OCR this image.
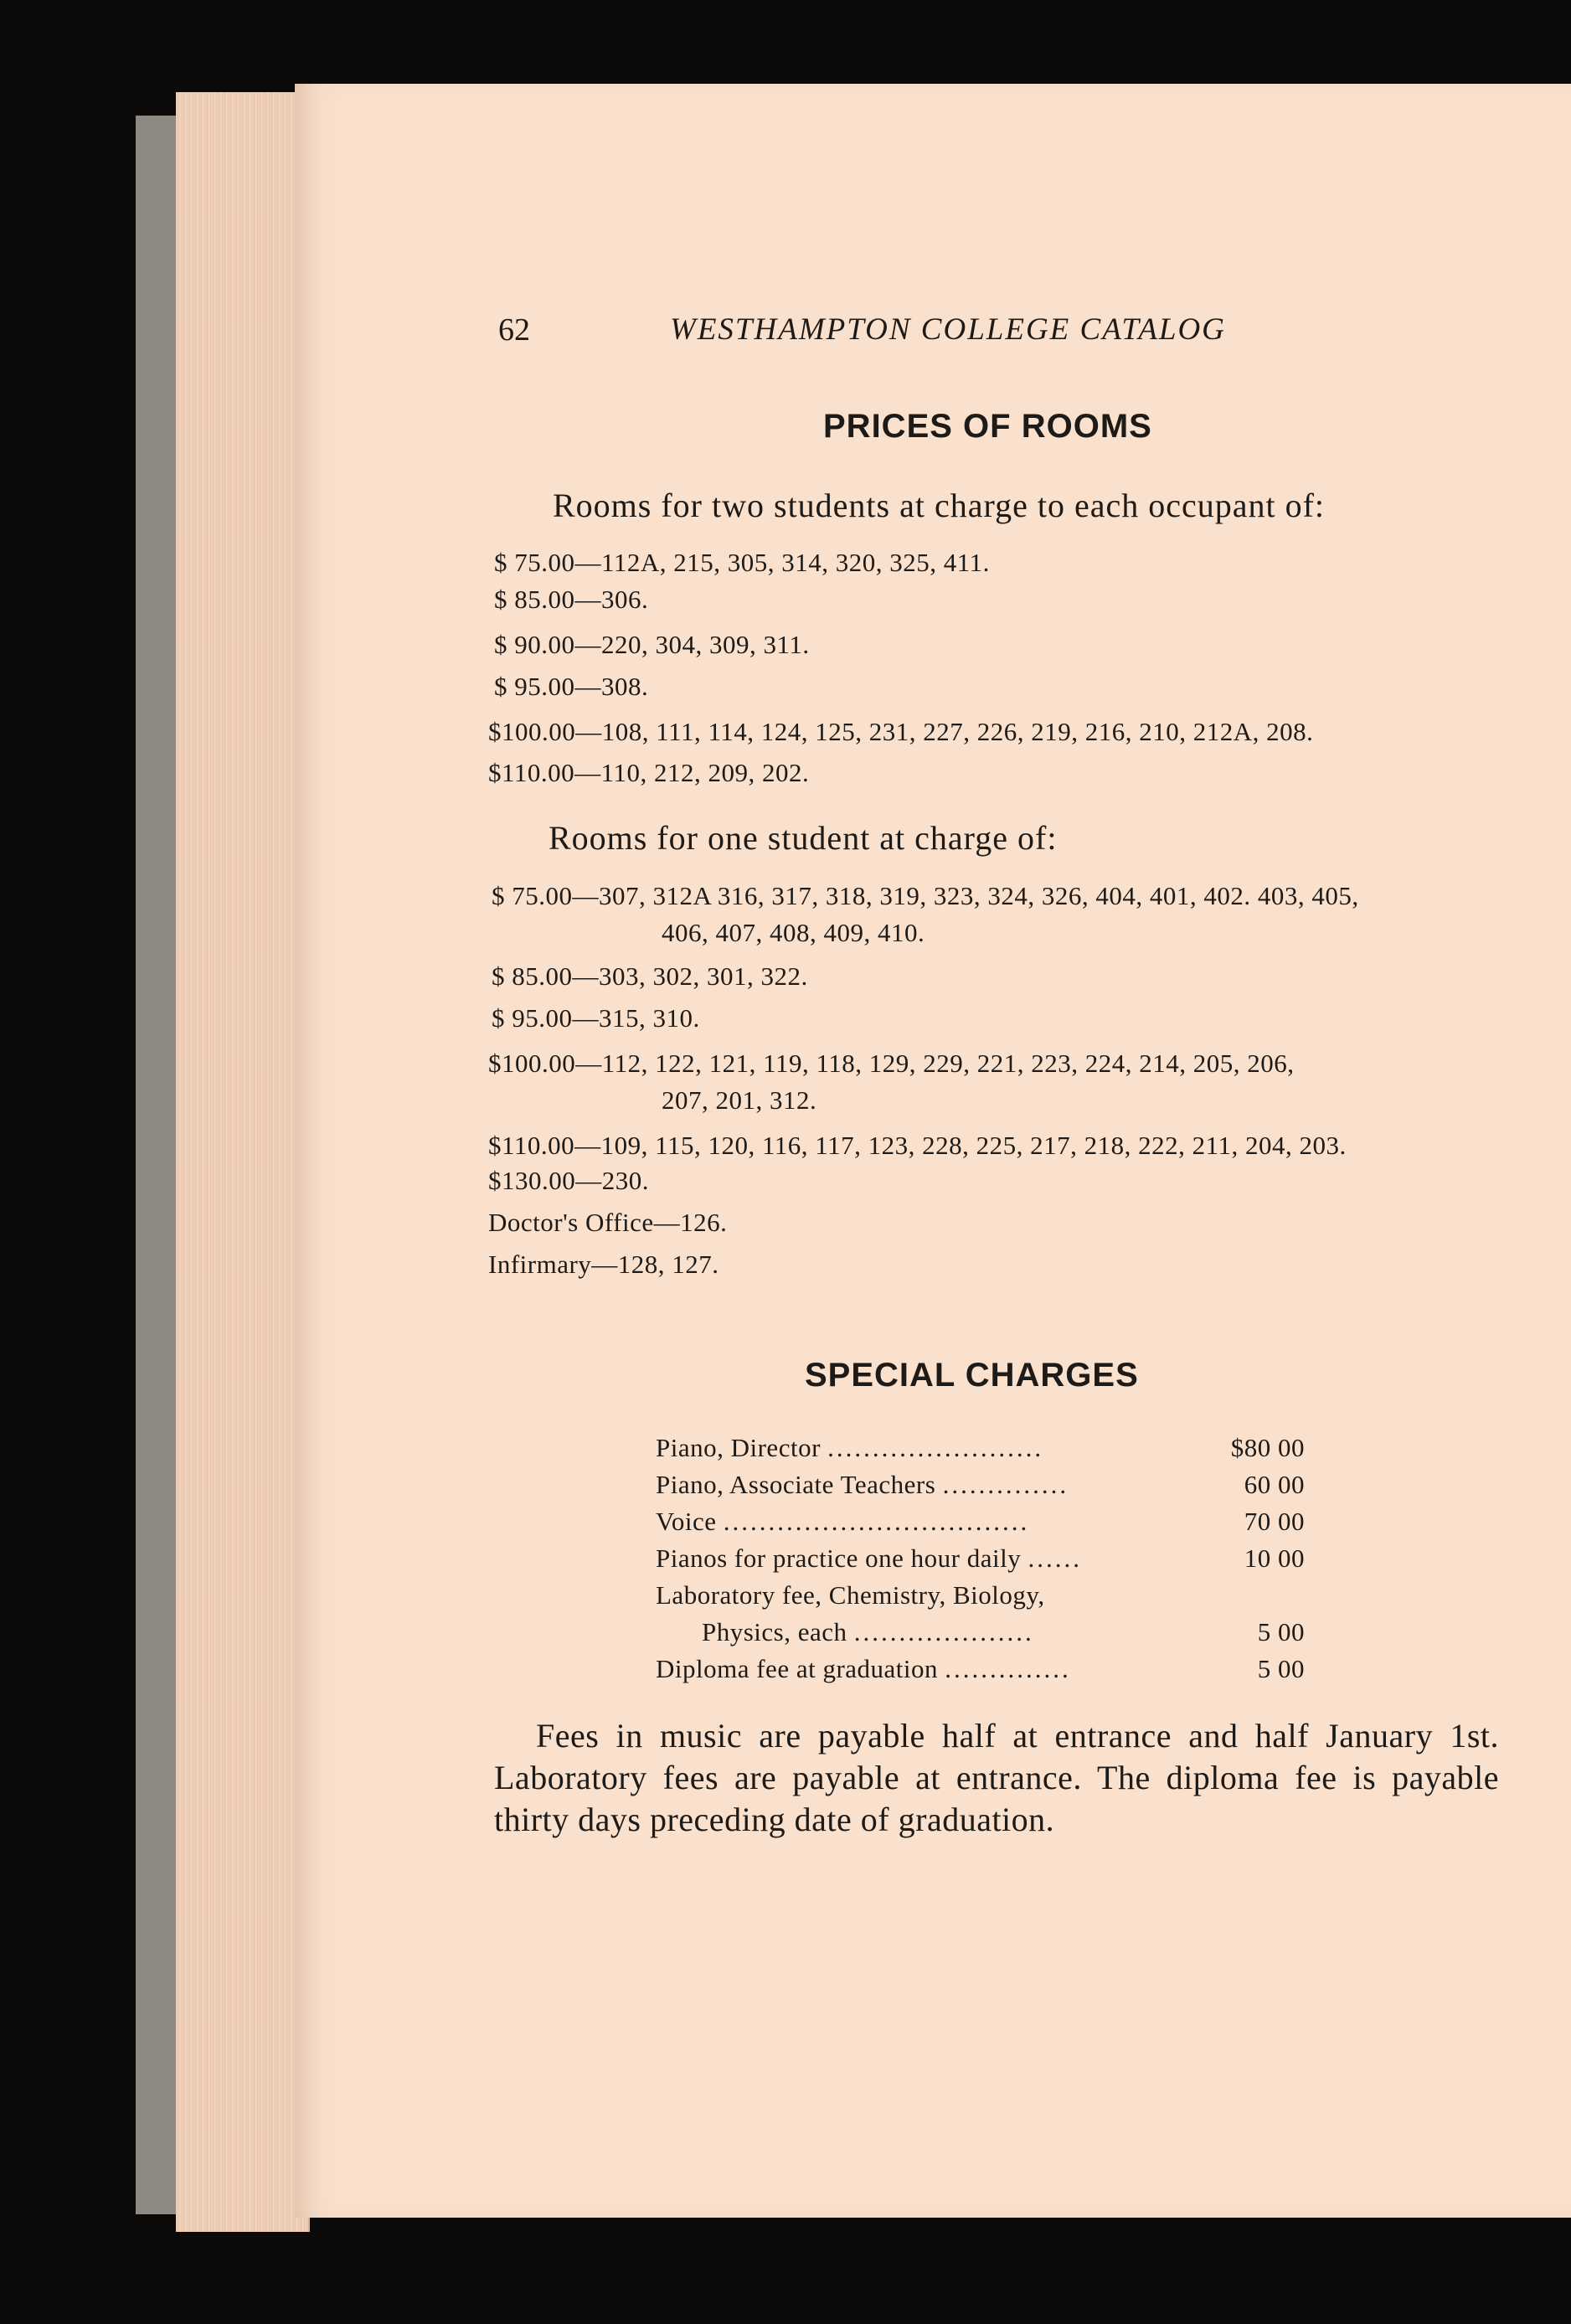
62	WESTHAMPTON COLLEGE CATALOG
PRICES OF ROOMS
Rooms for two students at charge to each occupant of:
$ 75.00—112A, 215, 305, 314, 320, 325, 411.
$ 85.00—306.
$ 90.00—220, 304, 309, 311.
$ 95.00—308.
$100.00—108, 111, 114, 124, 125, 231, 227, 226, 219, 216, 210, 212A, 208.
$110.00—110, 212, 209, 202.
Rooms for one student at charge of:
$ 75.00—307, 312A 316, 317, 318, 319, 323, 324, 326, 404, 401, 402. 403, 405,
406, 407, 408, 409, 410.
$ 85.00—303, 302, 301, 322.
$ 95.00—315, 310.
$100.00—112, 122, 121, 119, 118, 129, 229, 221, 223, 224, 214, 205, 206,
207, 201, 312.
$110.00—109, 115, 120, 116, 117, 123, 228, 225, 217, 218, 222, 211, 204, 203.
$130.00—230.
Doctor's Office—126.
Infirmary—128, 127.
SPECIAL CHARGES
Piano, Director ........................	$80 00
Piano, Associate Teachers ..............	60 00
Voice ..................................	70 00
Pianos for practice one hour daily ......	10 00
Laboratory fee, Chemistry, Biology,	
Physics, each ....................	5 00
Diploma fee at graduation ..............	5 00
Fees in music are payable half at entrance and half January 1st. Laboratory fees are payable at entrance. The diploma fee is payable thirty days preceding date of graduation.
